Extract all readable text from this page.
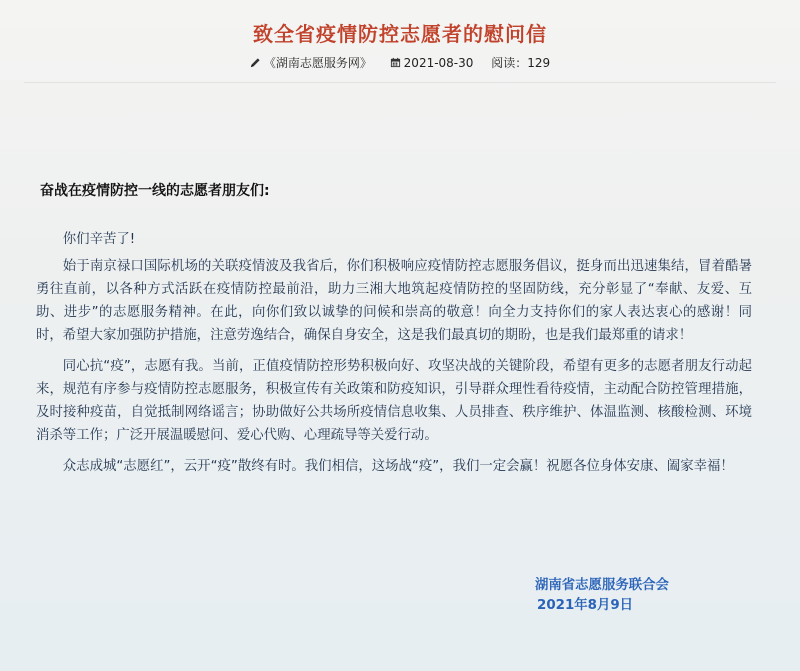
致全省疫情防控志愿者的慰问信
《湖南志愿服务网》	2021-08-30 阅读：129
奋战在疫情防控一线的志愿者朋友们:

你们辛苦了!

始于南京禄口国际机场的关联疫情波及我省后，你们积极响应疫情防控志愿服务倡议，挺身而出迅速集结，冒着酷暑勇往直前，以各种方式活跃在疫情防控最前沿，助力三湘大地筑起疫情防控的坚固防线，充分彰显了“奉献、友爱、互助、进步”的志愿服务精神。在此，向你们致以诚挚的问候和崇高的敬意！向全力支持你们的家人表达衷心的感谢！同时，希望大家加强防护措施，注意劳逸结合，确保自身安全，这是我们最真切的期盼，也是我们最郑重的请求！

同心抗“疫”，志愿有我。当前，正值疫情防控形势积极向好、攻坚决战的关键阶段，希望有更多的志愿者朋友行动起来，规范有序参与疫情防控志愿服务，积极宣传有关政策和防疫知识，引导群众理性看待疫情，主动配合防控管理措施，及时接种疫苗，自觉抵制网络谣言；协助做好公共场所疫情信息收集、人员排查、秩序维护、体温监测、核酸检测、环境消杀等工作；广泛开展温暖慰问、爱心代购、心理疏导等关爱行动。

众志成城“志愿红”，云开“疫”散终有时。我们相信，这场战“疫”，我们一定会赢！祝愿各位身体安康、阖家幸福！

湖南省志愿服务联合会
2021年8月9日
